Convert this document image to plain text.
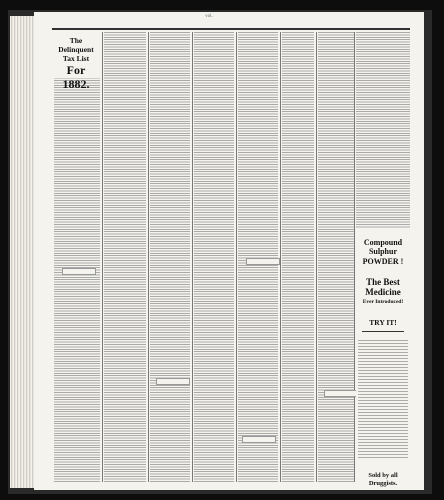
vol.
The Delinquent Tax List
For 1882.
Compound Sulphur
POWDER !
The Best Medicine
Ever Introduced!
TRY IT!
Sold by all Druggists.
